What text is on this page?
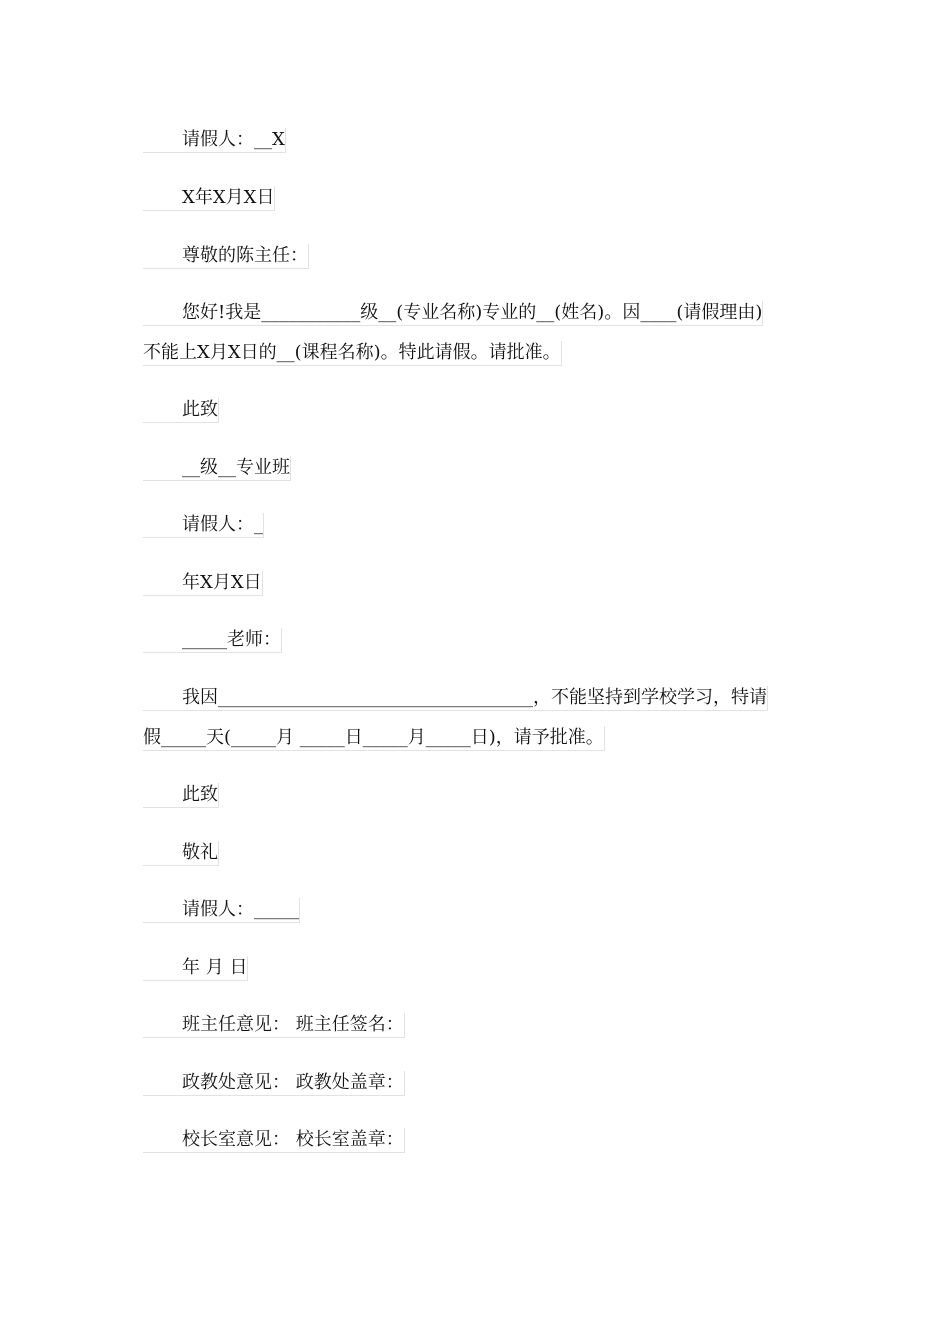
请假人：__X
X年X月X日
尊敬的陈主任：
您好!我是___________级__(专业名称)专业的__(姓名)。因____(请假理由)
不能上X月X日的__(课程名称)。特此请假。请批准。
此致
__级__专业班
请假人：_
年X月X日
_____老师：
我因___________________________________，不能坚持到学校学习，特请
假_____天(_____月 _____日_____月_____日)，请予批准。
此致
敬礼
请假人：_____
年 月 日
班主任意见： 班主任签名：
政教处意见： 政教处盖章：
校长室意见： 校长室盖章：
